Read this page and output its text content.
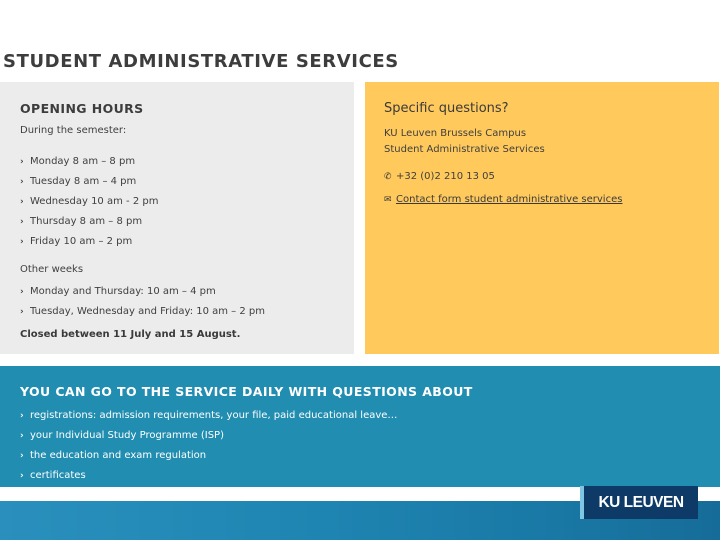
STUDENT ADMINISTRATIVE SERVICES
OPENING HOURS
During the semester:
› Monday 8 am – 8 pm
› Tuesday 8 am – 4 pm
› Wednesday 10 am - 2 pm
› Thursday 8 am – 8 pm
› Friday 10 am – 2 pm
Other weeks
› Monday and Thursday: 10 am – 4 pm
› Tuesday, Wednesday and Friday: 10 am – 2 pm
Closed between 11 July and 15 August.
Specific questions?
KU Leuven Brussels Campus
Student Administrative Services
✆ +32 (0)2 210 13 05
✉ Contact form student administrative services
YOU CAN GO TO THE SERVICE DAILY WITH QUESTIONS ABOUT
› registrations: admission requirements, your file, paid educational leave…
› your Individual Study Programme (ISP)
› the education and exam regulation
› certificates
KU LEUVEN
